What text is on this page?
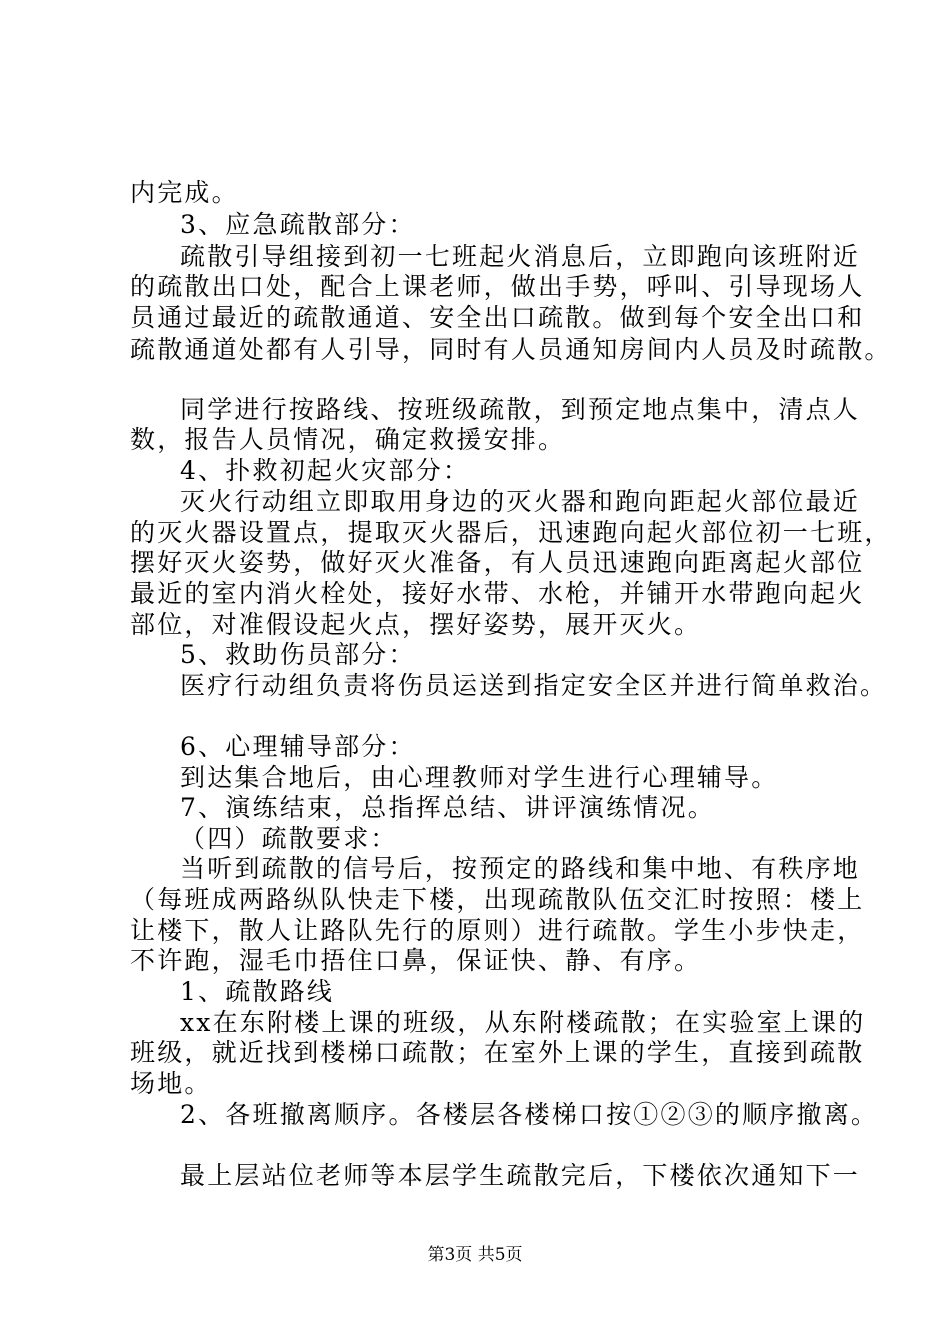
内完成。
3、应急疏散部分：
疏散引导组接到初一七班起火消息后，立即跑向该班附近
的疏散出口处，配合上课老师，做出手势，呼叫、引导现场人
员通过最近的疏散通道、安全出口疏散。做到每个安全出口和
疏散通道处都有人引导，同时有人员通知房间内人员及时疏散。
同学进行按路线、按班级疏散，到预定地点集中，清点人
数，报告人员情况，确定救援安排。
4、扑救初起火灾部分：
灭火行动组立即取用身边的灭火器和跑向距起火部位最近
的灭火器设置点，提取灭火器后，迅速跑向起火部位初一七班，
摆好灭火姿势，做好灭火准备，有人员迅速跑向距离起火部位
最近的室内消火栓处，接好水带、水枪，并铺开水带跑向起火
部位，对准假设起火点，摆好姿势，展开灭火。
5、救助伤员部分：
医疗行动组负责将伤员运送到指定安全区并进行简单救治。
6、心理辅导部分：
到达集合地后，由心理教师对学生进行心理辅导。
7、演练结束，总指挥总结、讲评演练情况。
（四）疏散要求：
当听到疏散的信号后，按预定的路线和集中地、有秩序地
（每班成两路纵队快走下楼，出现疏散队伍交汇时按照：楼上
让楼下，散人让路队先行的原则）进行疏散。学生小步快走，
不许跑，湿毛巾捂住口鼻，保证快、静、有序。
1、疏散路线
xx在东附楼上课的班级，从东附楼疏散；在实验室上课的
班级，就近找到楼梯口疏散；在室外上课的学生，直接到疏散
场地。
2、各班撤离顺序。各楼层各楼梯口按①②③的顺序撤离。
最上层站位老师等本层学生疏散完后，下楼依次通知下一
第3页 共5页
